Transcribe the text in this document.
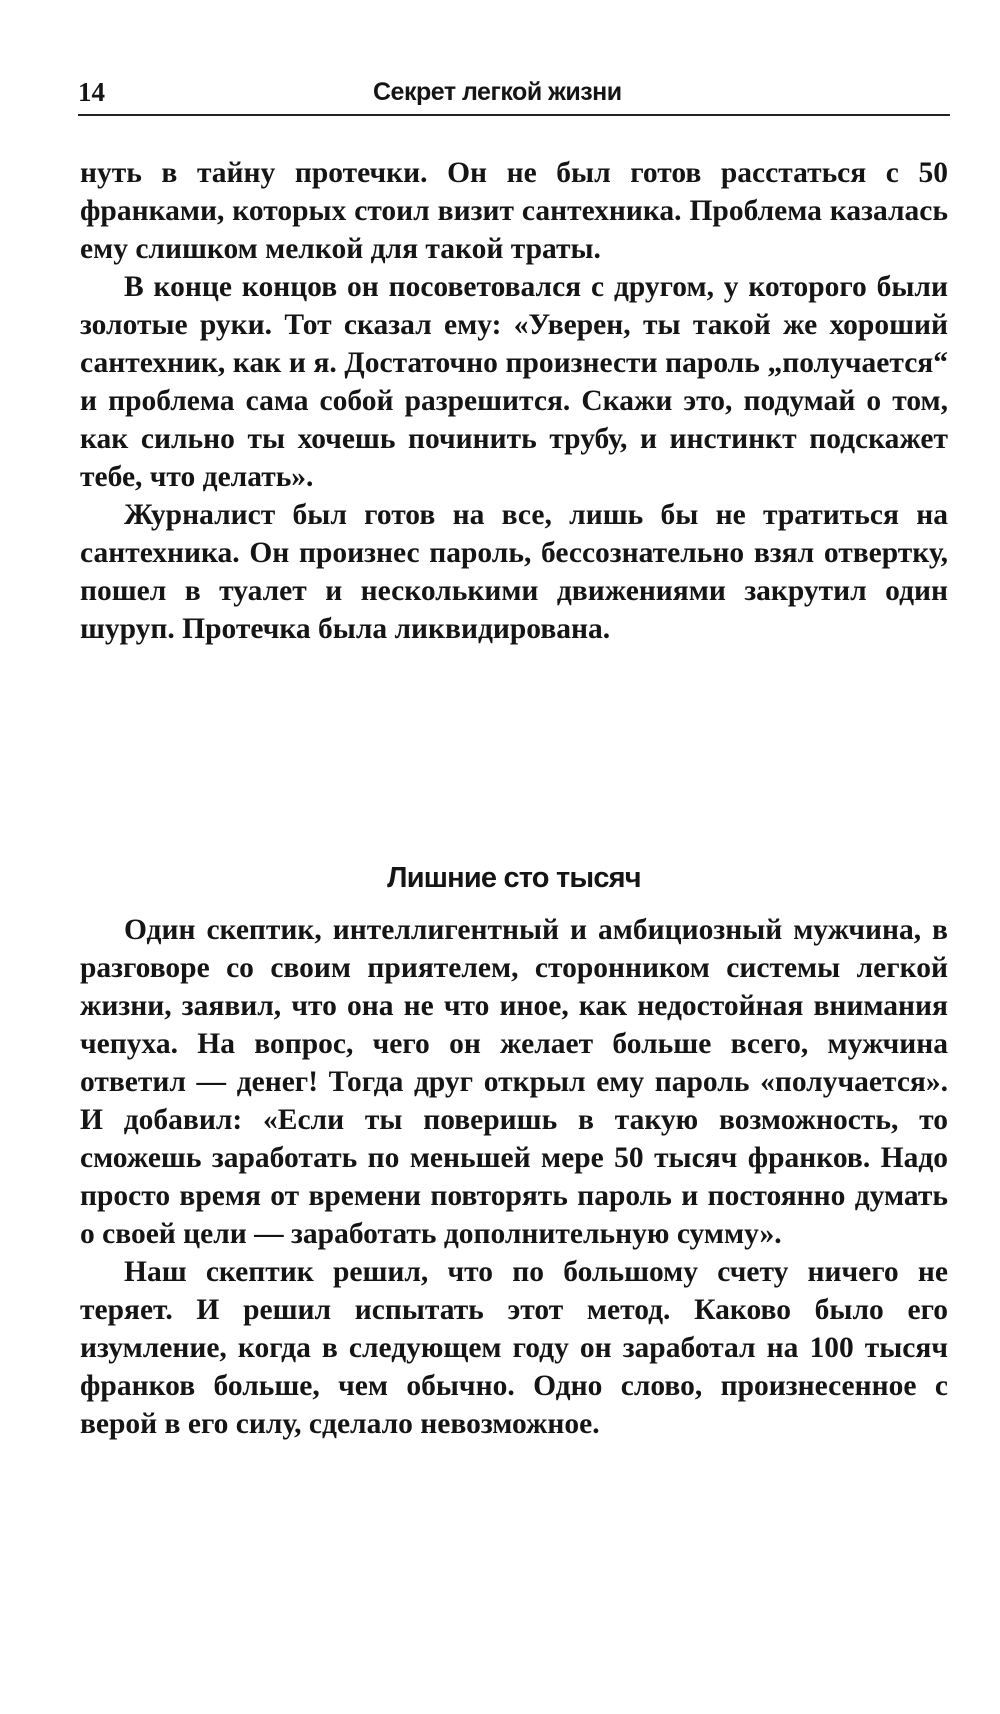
14	Секрет легкой жизни

нуть в тайну протечки. Он не был готов расстаться с 50 франками, которых стоил визит сантехника. Проблема казалась ему слишком мелкой для такой траты.

В конце концов он посоветовался с другом, у которого были золотые руки. Тот сказал ему: «Уверен, ты такой же хороший сантехник, как и я. Достаточно произнести пароль „получается“ и проблема сама собой разрешится. Скажи это, подумай о том, как сильно ты хочешь починить трубу, и инстинкт подскажет тебе, что делать».

Журналист был готов на все, лишь бы не тратиться на сантехника. Он произнес пароль, бессознательно взял отвертку, пошел в туалет и несколькими движениями закрутил один шуруп. Протечка была ликвидирована.

Лишние сто тысяч

Один скептик, интеллигентный и амбициозный мужчина, в разговоре со своим приятелем, сторонником системы легкой жизни, заявил, что она не что иное, как недостойная внимания чепуха. На вопрос, чего он желает больше всего, мужчина ответил — денег! Тогда друг открыл ему пароль «получается». И добавил: «Если ты поверишь в такую возможность, то сможешь заработать по меньшей мере 50 тысяч франков. Надо просто время от времени повторять пароль и постоянно думать о своей цели — заработать дополнительную сумму».

Наш скептик решил, что по большому счету ничего не теряет. И решил испытать этот метод. Каково было его изумление, когда в следующем году он заработал на 100 тысяч франков больше, чем обычно. Одно слово, произнесенное с верой в его силу, сделало невозможное.
